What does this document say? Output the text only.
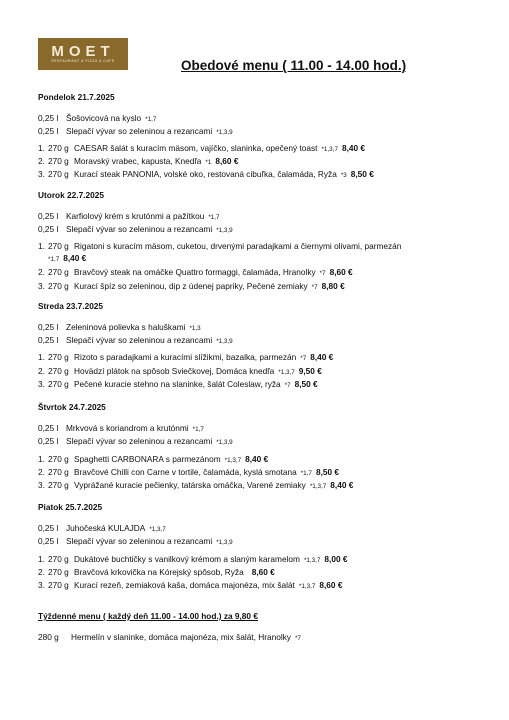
MOET
RESTAURANT & PIZZA & CAFE	Obedové menu ( 11.00 - 14.00 hod.)
Pondelok 21.7.2025
0,25 l Šošovicová na kyslo *1,7
0,25 l Slepačí vývar so zeleninou a rezancami *1,3,9
1. 270 g CAESAR šalát s kuracím mäsom, vajíčko, slaninka, opečený toast *1,3,7 8,40 €
2. 270 g Moravský vrabec, kapusta, Knedľa *1 8,60 €
3. 270 g Kurací steak PANONIA, volské oko, restovaná cibuľka, čalamáda, Ryža *3 8,50 €
Utorok 22.7.2025
0,25 l Karfiolový krém s krutónmi a pažítkou *1,7
0,25 l Slepačí vývar so zeleninou a rezancami *1,3,9
1. 270 g Rigatoni s kuracím mäsom, cuketou, drvenými paradajkami a čiernymi olivami, parmezán
*1,7 8,40 €
2. 270 g Bravčový steak na omáčke Quattro formaggi, čalamáda, Hranolky *7 8,60 €
3. 270 g Kurací špíz so zeleninou, dip z údenej papriky, Pečené zemiaky *7 8,80 €
Streda 23.7.2025
0,25 l Zeleninová polievka s haluškami *1,3
0,25 l Slepačí vývar so zeleninou a rezancami *1,3,9
1. 270 g Rizoto s paradajkami a kuracími slížikmi, bazalka, parmezán *7 8,40 €
2. 270 g Hovädzí plátok na spôsob Sviečkovej, Domáca knedľa *1,3,7 9,50 €
3. 270 g Pečené kuracie stehno na slaninke, šalát Coleslaw, ryža *7 8,50 €
Štvrtok 24.7.2025
0,25 l Mrkvová s koriandrom a krutónmi *1,7
0,25 l Slepačí vývar so zeleninou a rezancami *1,3,9
1. 270 g Spaghetti CARBONARA s parmezánom *1,3,7 8,40 €
2. 270 g Bravčové Chilli con Carne v tortile, čalamáda, kyslá smotana *1,7 8,50 €
3. 270 g Vyprážané kuracie pečienky, tatárska omáčka, Varené zemiaky *1,3,7 8,40 €
Piatok 25.7.2025
0,25 l Juhočeská KULAJDA *1,3,7
0,25 l Slepačí vývar so zeleninou a rezancami *1,3,9
1. 270 g Dukátové buchtičky s vanilkový krémom a slaným karamelom *1,3,7 8,00 €
2. 270 g Bravčová krkovička na Kórejský spôsob, Ryža 8,60 €
3. 270 g Kurací rezeň, zemiaková kaša, domáca majonéza, mix šalát *1,3,7 8,60 €
Týždenné menu ( každý deň 11.00 - 14.00 hod.) za 9,80 €
280 g Hermelín v slaninke, domáca majonéza, mix šalát, Hranolky *7
